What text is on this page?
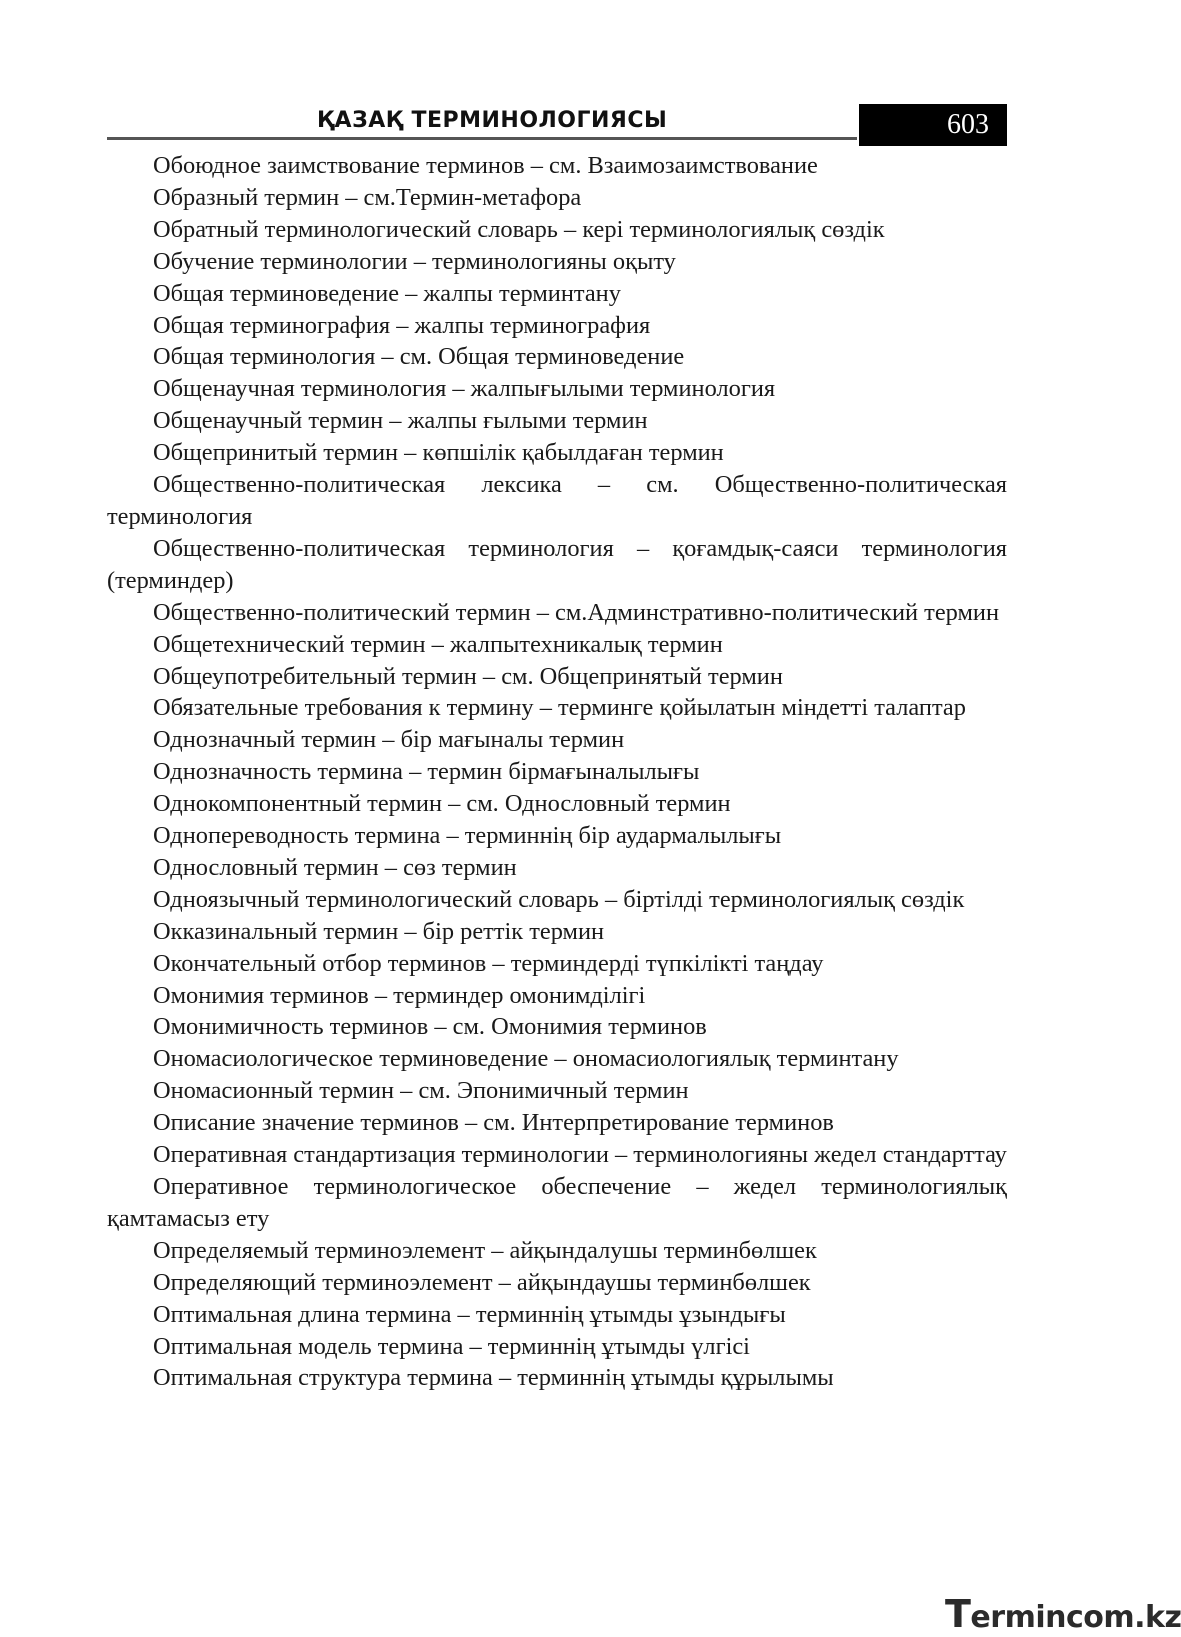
ҚАЗАҚ ТЕРМИНОЛОГИЯСЫ	603

Обоюдное заимствование терминов – см. Взаимозаимствование

Образный термин – см.Термин-метафора

Обратный терминологический словарь – кері терминологиялық сөздік

Обучение терминологии – терминологияны оқыту

Общая терминоведение – жалпы терминтану

Общая терминография – жалпы терминография

Общая терминология – см. Общая терминоведение

Общенаучная терминология – жалпығылыми терминология

Общенаучный термин – жалпы ғылыми термин

Общепринитый термин – көпшілік қабылдаған термин

Общественно-политическая лексика – см. Общественно-политическая терминология

Общественно-политическая терминология – қоғамдық-саяси терминология (терминдер)

Общественно-политический термин – см.Админстративно-политический термин

Общетехнический термин – жалпытехникалық термин

Общеупотребительный термин – см. Общепринятый термин

Обязательные требования к термину – терминге қойылатын міндетті талаптар

Однозначный термин – бір мағыналы термин

Однозначность термина – термин бірмағыналылығы

Однокомпонентный термин – см. Однословный термин

Однопереводность термина – терминнің бір аудармалылығы

Однословный термин – сөз термин

Одноязычный терминологический словарь – біртілді терминологиялық сөздік

Окказинальный термин – бір реттік термин

Окончательный отбор терминов – терминдерді түпкілікті таңдау

Омонимия терминов – терминдер омонимділігі

Омонимичность терминов – см. Омонимия терминов

Ономасиологическое терминоведение – ономасиологиялық терминтану

Ономасионный термин – см. Эпонимичный термин

Описание значение терминов – см. Интерпретирование терминов

Оперативная стандартизация терминологии – терминологияны жедел стандарттау

Оперативное терминологическое обеспечение – жедел терминологиялық қамтамасыз ету

Определяемый терминоэлемент – айқындалушы терминбөлшек

Определяющий терминоэлемент – айқындаушы терминбөлшек

Оптимальная длина термина – терминнің ұтымды ұзындығы

Оптимальная модель термина – терминнің ұтымды үлгісі

Оптимальная структура термина – терминнің ұтымды құрылымы

Termincom.kz
